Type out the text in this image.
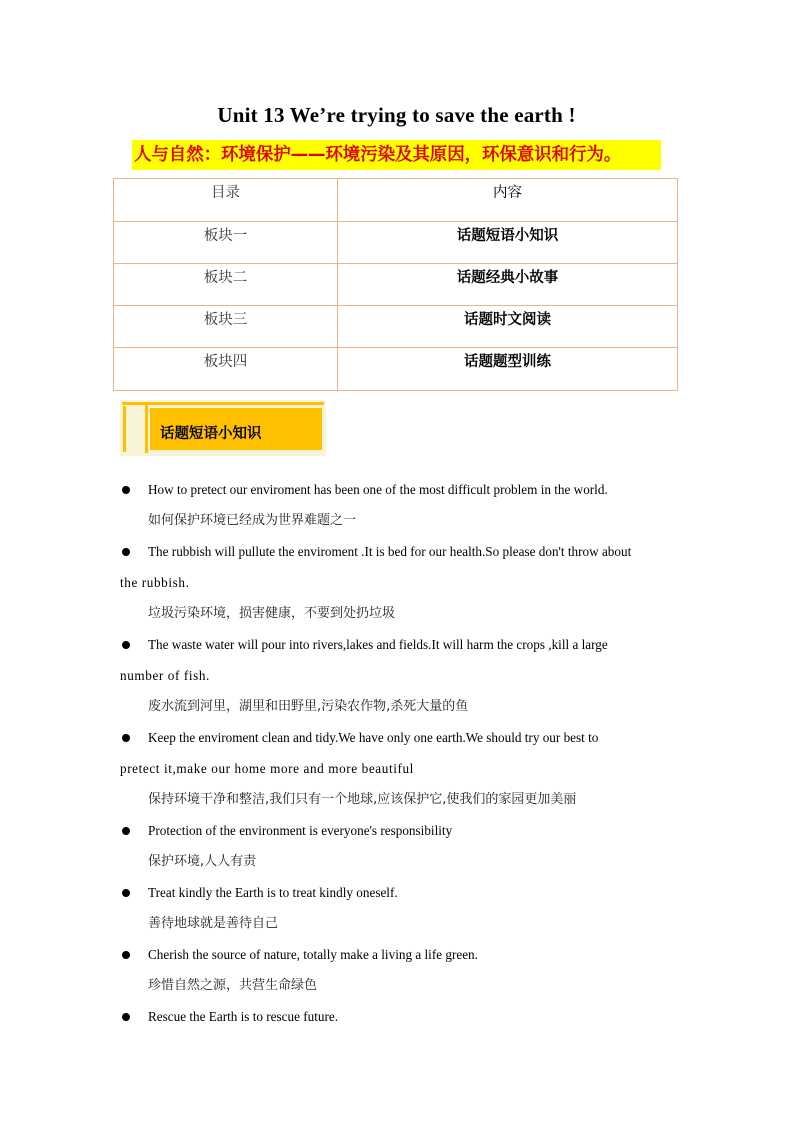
Unit 13 We’re trying to save the earth !
人与自然：环境保护——环境污染及其原因，环保意识和行为。
目录	内容
板块一	话题短语小知识
板块二	话题经典小故事
板块三	话题时文阅读
板块四	话题题型训练
话题短语小知识
How to pretect our enviroment has been one of the most difficult problem in the world.
如何保护环境已经成为世界难题之一
The rubbish will pullute the enviroment .It is bed for our health.So please don't throw about
the rubbish.
垃圾污染环境，损害健康，不要到处扔垃圾
The waste water will pour into rivers,lakes and fields.It will harm the crops ,kill a large
number of fish.
废水流到河里，湖里和田野里,污染农作物,杀死大量的鱼
Keep the enviroment clean and tidy.We have only one earth.We should try our best to
pretect it,make our home more and more beautiful
保持环境干净和整洁,我们只有一个地球,应该保护它,使我们的家园更加美丽
Protection of the environment is everyone's responsibility
保护环境,人人有责
Treat kindly the Earth is to treat kindly oneself.
善待地球就是善待自己
Cherish the source of nature, totally make a living a life green.
珍惜自然之源，共营生命绿色
Rescue the Earth is to rescue future.
